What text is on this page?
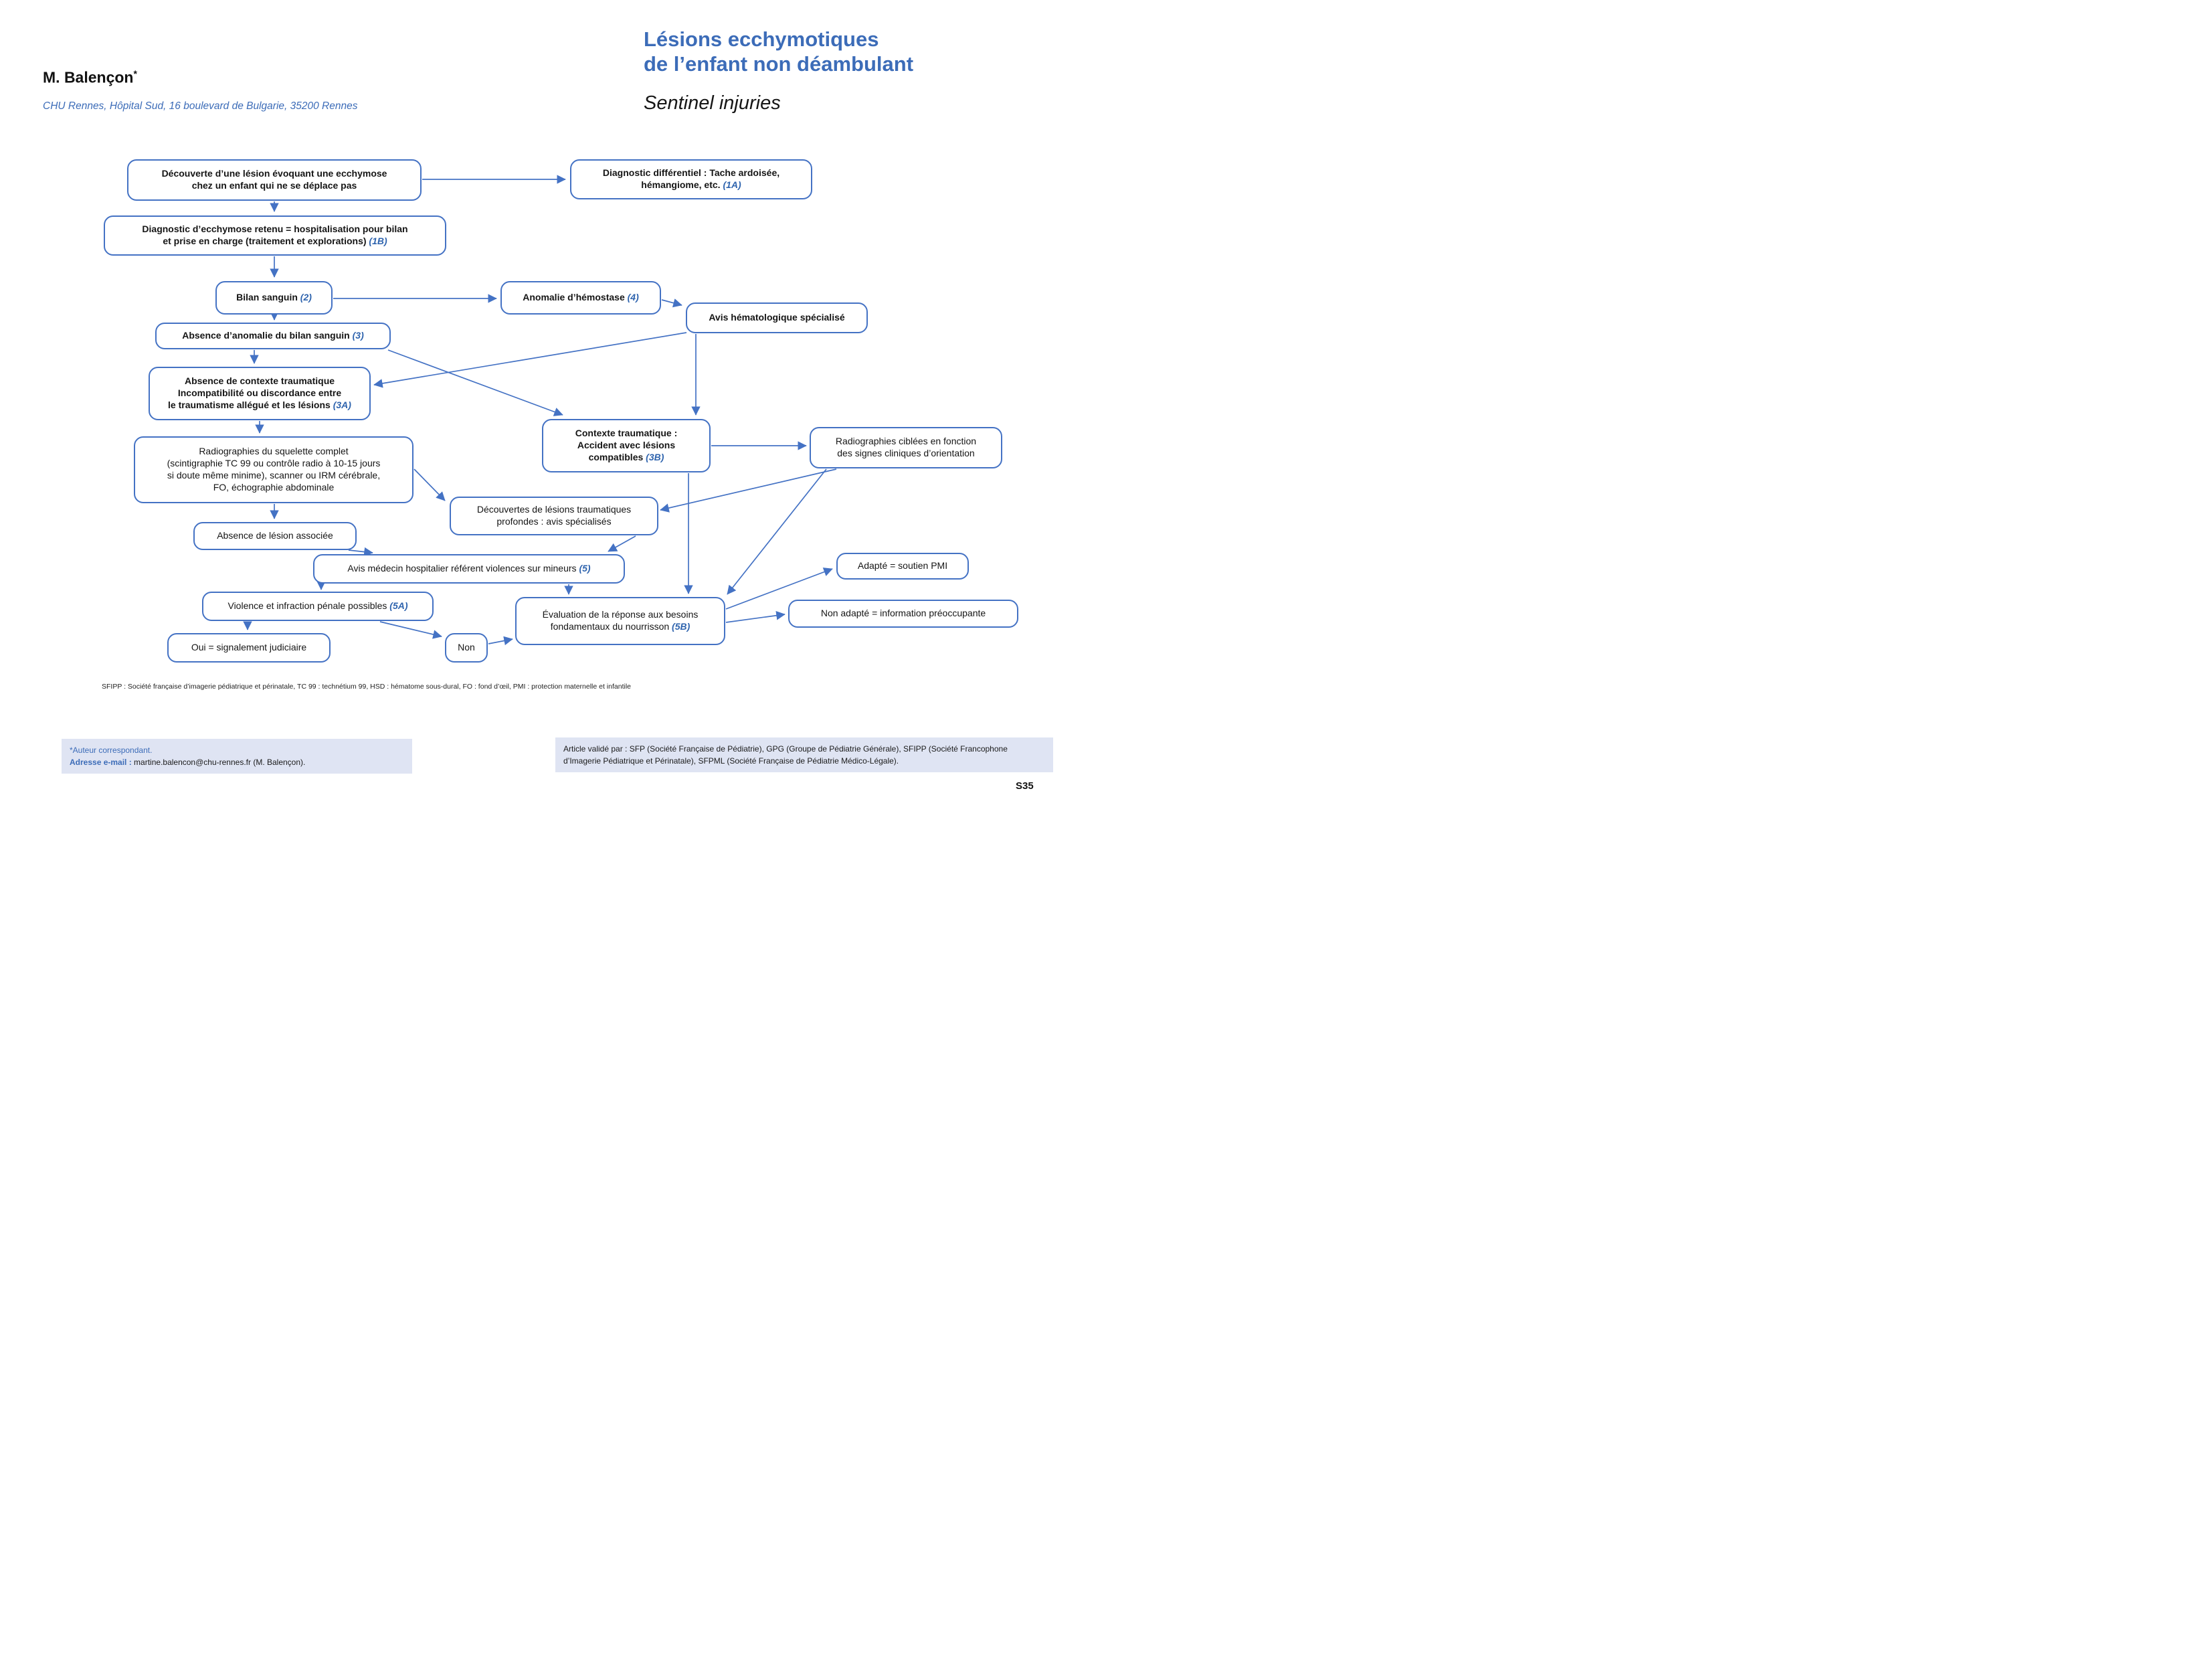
M. Balençon*
CHU Rennes, Hôpital Sud, 16 boulevard de Bulgarie, 35200 Rennes
Lésions ecchymotiques
de l’enfant non déambulant
Sentinel injuries
Découverte d’une lésion évoquant une ecchymose
chez un enfant qui ne se déplace pas
Diagnostic différentiel : Tache ardoisée,
hémangiome, etc. (1A)
Diagnostic d’ecchymose retenu = hospitalisation pour bilan
et prise en charge (traitement et explorations) (1B)
Bilan sanguin (2)	Anomalie d’hémostase (4)
Avis hématologique spécialisé
Absence d’anomalie du bilan sanguin (3)
Absence de contexte traumatique
Incompatibilité ou discordance entre
le traumatisme allégué et les lésions (3A)
Radiographies du squelette complet
(scintigraphie TC 99 ou contrôle radio à 10-15 jours
si doute même minime), scanner ou IRM cérébrale,
FO, échographie abdominale
Contexte traumatique :
Accident avec lésions
compatibles (3B)
Radiographies ciblées en fonction
des signes cliniques d’orientation
Découvertes de lésions traumatiques
profondes : avis spécialisés
Absence de lésion associée
Avis médecin hospitalier référent violences sur mineurs (5)
Violence et infraction pénale possibles (5A)
Évaluation de la réponse aux besoins
fondamentaux du nourrisson (5B)
Adapté = soutien PMI
Non adapté = information préoccupante
Oui = signalement judiciaire	Non
SFIPP : Société française d’imagerie pédiatrique et périnatale, TC 99 : technétium 99, HSD : hématome sous-dural, FO : fond d’œil, PMI : protection maternelle et infantile
*Auteur correspondant.
Adresse e-mail : martine.balencon@chu-rennes.fr (M. Balençon).
Article validé par : SFP (Société Française de Pédiatrie), GPG (Groupe de Pédiatrie Générale), SFIPP (Société Francophone d’Imagerie Pédiatrique et Périnatale), SFPML (Société Française de Pédiatrie Médico-Légale).
S35
